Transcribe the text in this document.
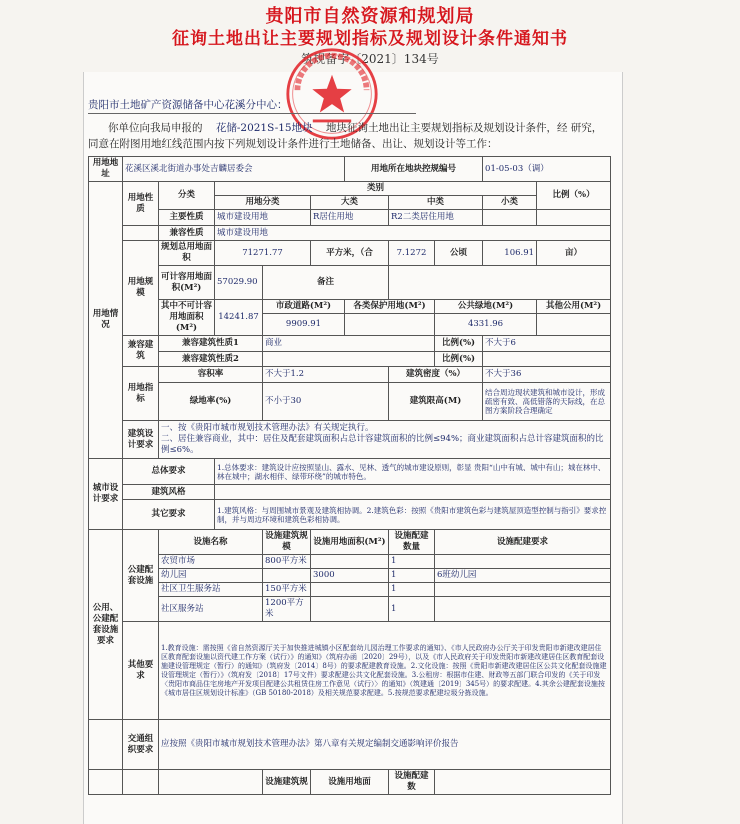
贵阳市自然资源和规划局
征询土地出让主要规划指标及规划设计条件通知书
筑规备字〔2021〕134号
贵阳市土地矿产资源储备中心花溪分中心：
你单位向我局申报的 花储-2021S-15地块 地块征询土地出让主要规划指标及规划设计条件，经 研究，同意在附图用地红线范围内按下列规划设计条件进行土地储备、出让、规划设计等工作：
用地地址	花溪区溪北街道办事处吉麟居委会					用地所在地块控规编号			01-05-03（调）	
用地情况	用地性质	分类	类别							比例（%）
			用地分类		大类		中类		小类	
		主要性质	城市建设用地		R居住用地		R2二类居住用地			
		兼容性质	城市建设用地							
	用地规模	规划总用地面积	71271.77		平方米，（合		7.1272	公顷	106.91	亩）
		可计容用地面积(M²)	57029.90	备注						
		其中不可计容用地面积(M²)	14241.87	市政道路(M²)		各类保护用地(M²)		公共绿地(M²)		其他公用(M²)
				9909.91				4331.96		
	兼容建筑	兼容建筑性质1		商业				比例(%)	不大于6	
		兼容建筑性质2						比例(%)		
	用地指标	容积率		不大于1.2			建筑密度（%）		不大于36	
		绿地率(%)		不小于30			建筑限高(M)		结合周边现状建筑和城市设计，形成疏密有致、高低错落的天际线，在总图方案阶段合理确定	
	建筑设计要求	一、按《贵阳市城市规划技术管理办法》有关规定执行。
二、居住兼容商业，其中：居住及配套建筑面积占总计容建筑面积的比例≤94%；商业建筑面积占总计容建筑面积的比例≤6%。								

城市设计要求	总体要求		1.总体要求：建筑设计应按照显山、露水、见林、透气的城市建设原则，彰显 贵阳“山中有城、城中有山；城在林中、林在城中；湖水相伴、绿带环绕”的城市特色。							
	建筑风格									
	其它要求		1.建筑风格：与周围城市景观及建筑相协调。2.建筑色彩：按照《贵阳市建筑色彩与建筑屋顶造型控制与指引》要求控制，并与周边环境和建筑色彩相协调。							
公用、公建配套设施要求	公建配套设施	设施名称		设施建筑规模	设施用地面积(M²)		设施配建数量	设施配建要求		
		农贸市场		800平方米			1			
		幼儿园			3000		1	6班幼儿园		
		社区卫生服务站		150平方米			1			
		社区服务站		1200平方米			1			
	其他要求	1.教育设施：需按照《省自然资源厅关于加快推进城镇小区配套幼儿园治理工作要求的通知》、《市人民政府办公厅关于印发贵阳市新建改建居住区教育配套设施以资代建工作方案（试行）》的通知》（筑府办函〔2020〕29号），以及《市人民政府关于印发贵阳市新建改建居住区教育配套设施建设管理规定（暂行）的通知》（筑府发〔2014〕8号）的要求配建教育设施。2.文化设施：按照《贵阳市新建改建居住区公共文化配套设施建设管理规定（暂行）》（筑府发〔2018〕17号文件）要求配建公共文化配套设施。3.公租房：根据市住建、财政等五部门联合印发的《关于印发〈贵阳市商品住宅房地产开发项目配建公共租赁住房工作意见（试行）〉的通知》（筑建通〔2019〕345号）的要求配建。4.其余公建配套设施按《城市居住区规划设计标准》（GB 50180-2018）及相关规范要求配建。5.按规范要求配建垃圾分拣设施。								
	交通组织要求	应按照《贵阳市城市规划技术管理办法》第八章有关规定编制交通影响评价报告								
				设施建筑规	设施用地面		设施配建数			
